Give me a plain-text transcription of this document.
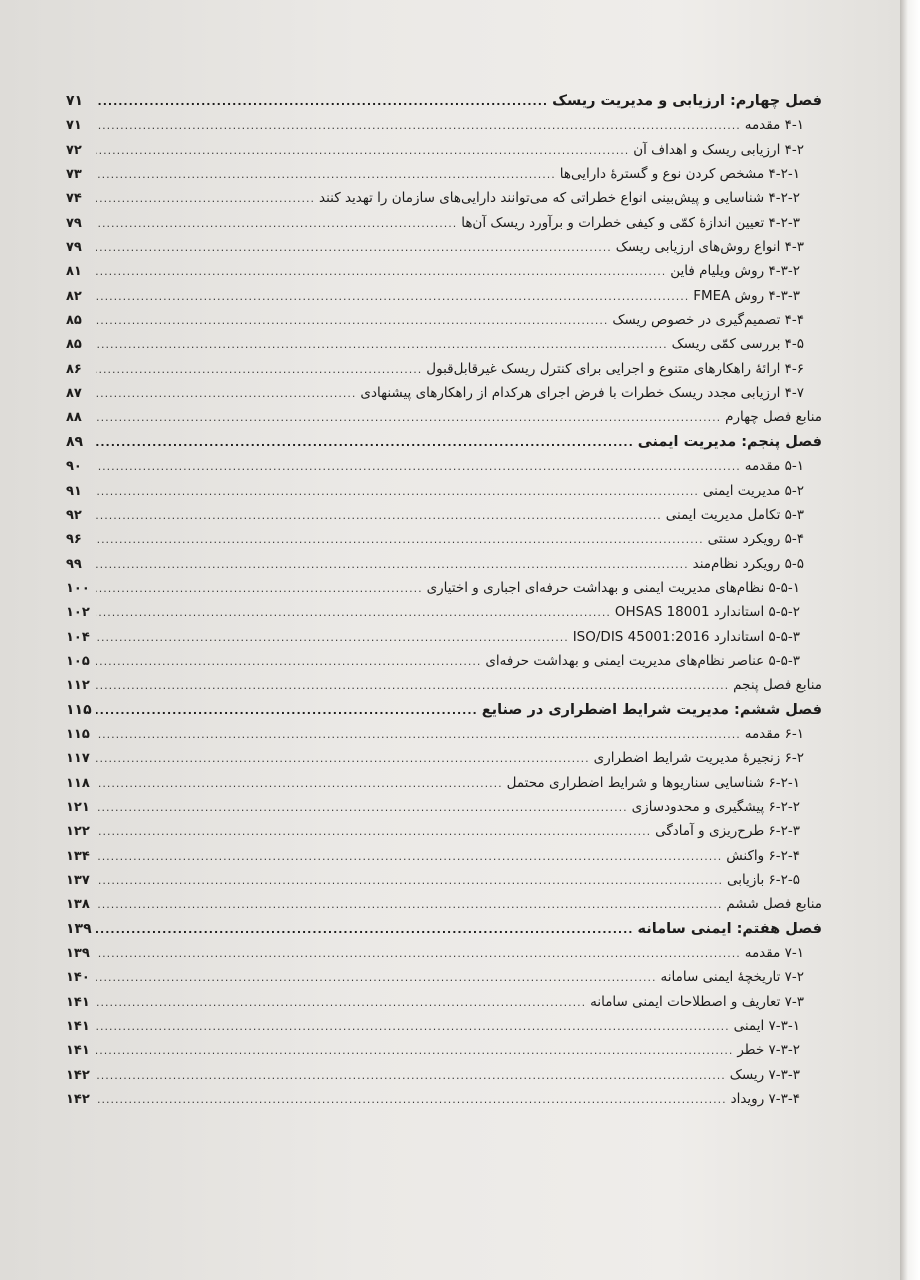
فصل چهارم: ارزیابی و مدیریت ریسک
.....
۷۱
۴-۱ مقدمه
.....
۷۱
۴-۲ ارزیابی ریسک و اهداف آن
.....
۷۲
۴-۲-۱ مشخص کردن نوع و گسترۀ دارایی‌ها
.....
۷۳
۴-۲-۲ شناسایی و پیش‌بینی انواع خطراتی که می‌توانند دارایی‌های سازمان را تهدید کنند
.....
۷۴
۴-۲-۳ تعیین اندازۀ کمّی و کیفی خطرات و برآورد ریسک آن‌ها
.....
۷۹
۴-۳ انواع روش‌های ارزیابی ریسک
.....
۷۹
۴-۳-۲ روش ویلیام فاین
.....
۸۱
۴-۳-۳ روش FMEA
.....
۸۲
۴-۴ تصمیم‌گیری در خصوص ریسک
.....
۸۵
۴-۵ بررسی کمّی ریسک
.....
۸۵
۴-۶ ارائۀ راهکارهای متنوع و اجرایی برای کنترل ریسک غیرقابل‌قبول
.....
۸۶
۴-۷ ارزیابی مجدد ریسک خطرات با فرض اجرای هرکدام از راهکارهای پیشنهادی
.....
۸۷
منابع فصل چهارم
.....
۸۸
فصل پنجم: مدیریت ایمنی
.....
۸۹
۵-۱ مقدمه
.....
۹۰
۵-۲ مدیریت ایمنی
.....
۹۱
۵-۳ تکامل مدیریت ایمنی
.....
۹۲
۵-۴ رویکرد سنتی
.....
۹۶
۵-۵ رویکرد نظام‌مند
.....
۹۹
۵-۵-۱ نظام‌های مدیریت ایمنی و بهداشت حرفه‌ای اجباری و اختیاری
.....
۱۰۰
۵-۵-۲ استاندارد OHSAS 18001
.....
۱۰۲
۵-۵-۳ استاندارد ISO/DIS 45001:2016
.....
۱۰۴
۵-۵-۳ عناصر نظام‌های مدیریت ایمنی و بهداشت حرفه‌ای
.....
۱۰۵
منابع فصل پنجم
.....
۱۱۲
فصل ششم: مدیریت شرایط اضطراری در صنایع
.....
۱۱۵
۶-۱ مقدمه
.....
۱۱۵
۶-۲ زنجیرۀ مدیریت شرایط اضطراری
.....
۱۱۷
۶-۲-۱ شناسایی سناریوها و شرایط اضطراری محتمل
.....
۱۱۸
۶-۲-۲ پیشگیری و محدودسازی
.....
۱۲۱
۶-۲-۳ طرح‌ریزی و آمادگی
.....
۱۲۲
۶-۲-۴ واکنش
.....
۱۳۴
۶-۲-۵ بازیابی
.....
۱۳۷
منابع فصل ششم
.....
۱۳۸
فصل هفتم: ایمنی سامانه
.....
۱۳۹
۷-۱ مقدمه
.....
۱۳۹
۷-۲ تاریخچۀ ایمنی سامانه
.....
۱۴۰
۷-۳ تعاریف و اصطلاحات ایمنی سامانه
.....
۱۴۱
۷-۳-۱ ایمنی
.....
۱۴۱
۷-۳-۲ خطر
.....
۱۴۱
۷-۳-۳ ریسک
.....
۱۴۲
۷-۳-۴ رویداد
.....
۱۴۲
